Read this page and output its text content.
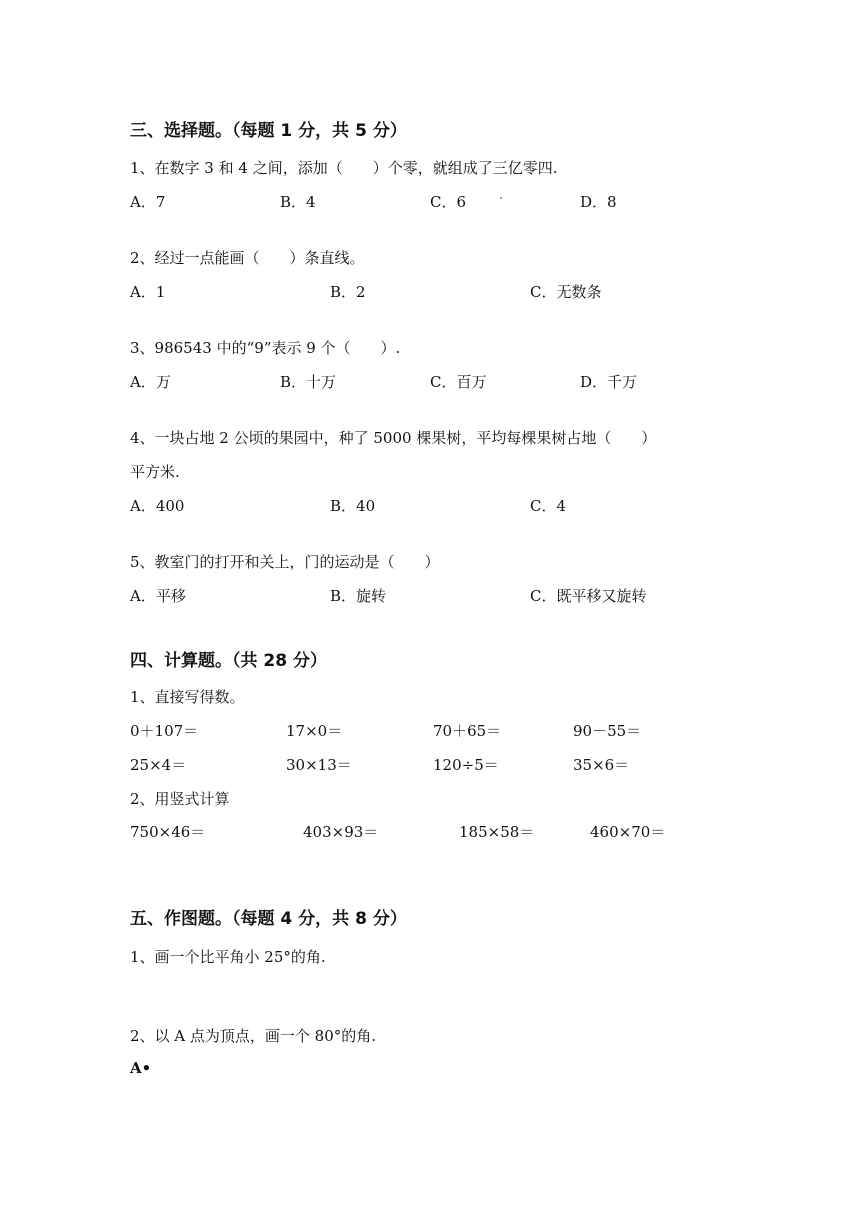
三、选择题。（每题 1 分，共 5 分）
1、在数字 3 和 4 之间，添加（　　）个零，就组成了三亿零四.
A．7	B．4	C．6 ·	D．8
2、经过一点能画（　　）条直线。
A．1	B．2	C．无数条
3、986543 中的“9”表示 9 个（　　）.
A．万	B．十万	C．百万	D．千万
4、一块占地 2 公顷的果园中，种了 5000 棵果树，平均每棵果树占地（　　）
平方米.
A．400	B．40	C．4
5、教室门的打开和关上，门的运动是（　　）
A．平移	B．旋转	C．既平移又旋转
四、计算题。（共 28 分）
1、直接写得数。
0＋107＝	17×0＝	70＋65＝	90－55＝
25×4＝	30×13＝	120÷5＝	35×6＝
2、用竖式计算
750×46＝	403×93＝	185×58＝	460×70＝
五、作图题。（每题 4 分，共 8 分）
1、画一个比平角小 25°的角.
2、以 A 点为顶点，画一个 80°的角.
A•
